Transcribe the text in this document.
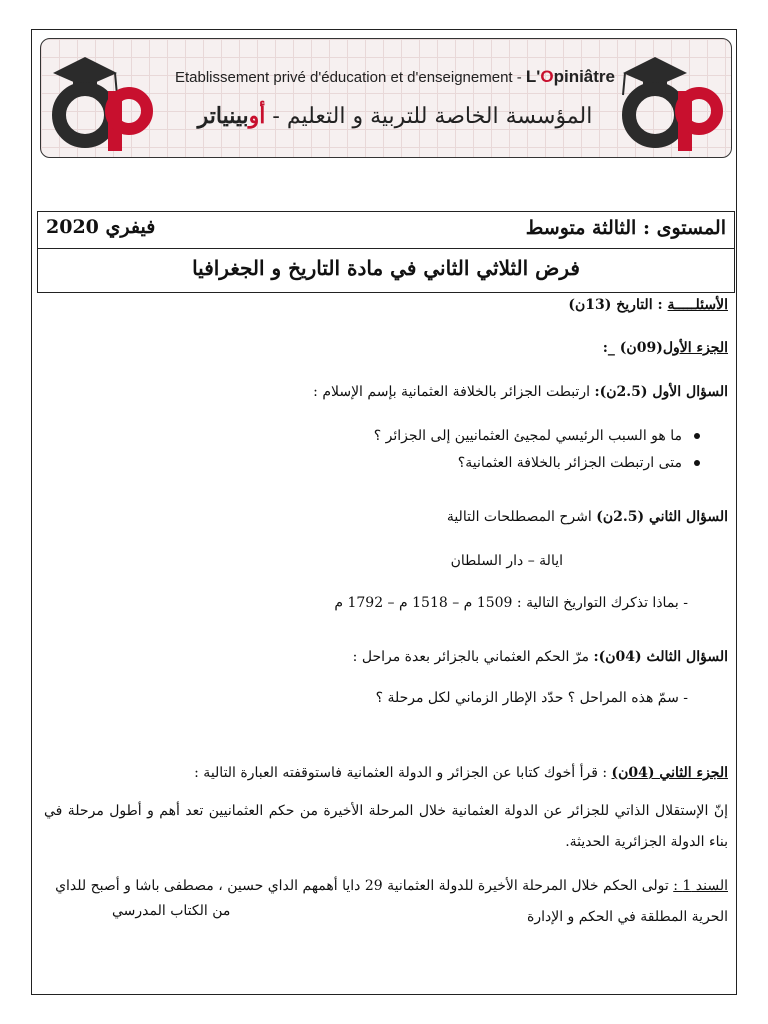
Etablissement privé d'éducation et d'enseignement - L'Opiniâtre
المؤسسة الخاصة للتربية و التعليم - أوبينياتر
المستوى : الثالثة متوسط
فيفري 2020
فرض الثلاثي الثاني في مادة التاريخ و الجغرافيا
الأسئلـــــة : التاريخ (13ن)
الجزء الأول(09ن) _:
السؤال الأول (2.5ن): ارتبطت الجزائر بالخلافة العثمانية بإسم الإسلام :
ما هو السبب الرئيسي لمجيئ العثمانيين إلى الجزائر ؟
متى ارتبطت الجزائر بالخلافة العثمانية؟
السؤال الثاني (2.5ن) اشرح المصطلحات التالية
ايالة – دار السلطان
- بماذا تذكرك التواريخ التالية : 1509 م – 1518 م – 1792 م
السؤال الثالث (04ن): مرّ الحكم العثماني بالجزائر بعدة مراحل :
- سمّ هذه المراحل ؟ حدّد الإطار الزماني لكل مرحلة ؟
الجزء الثاني (04ن) : قرأ أخوك كتابا عن الجزائر و الدولة العثمانية فاستوقفته العبارة التالية :
إنّ الإستقلال الذاتي للجزائر عن الدولة العثمانية خلال المرحلة الأخيرة من حكم العثمانيين تعد أهم و أطول مرحلة في بناء الدولة الجزائرية الحديثة.
السند 1 : تولى الحكم خلال المرحلة الأخيرة للدولة العثمانية 29 دايا أهمهم الداي حسين ، مصطفى باشا و أصبح للداي الحرية المطلقة في الحكم و الإدارة
من الكتاب المدرسي
